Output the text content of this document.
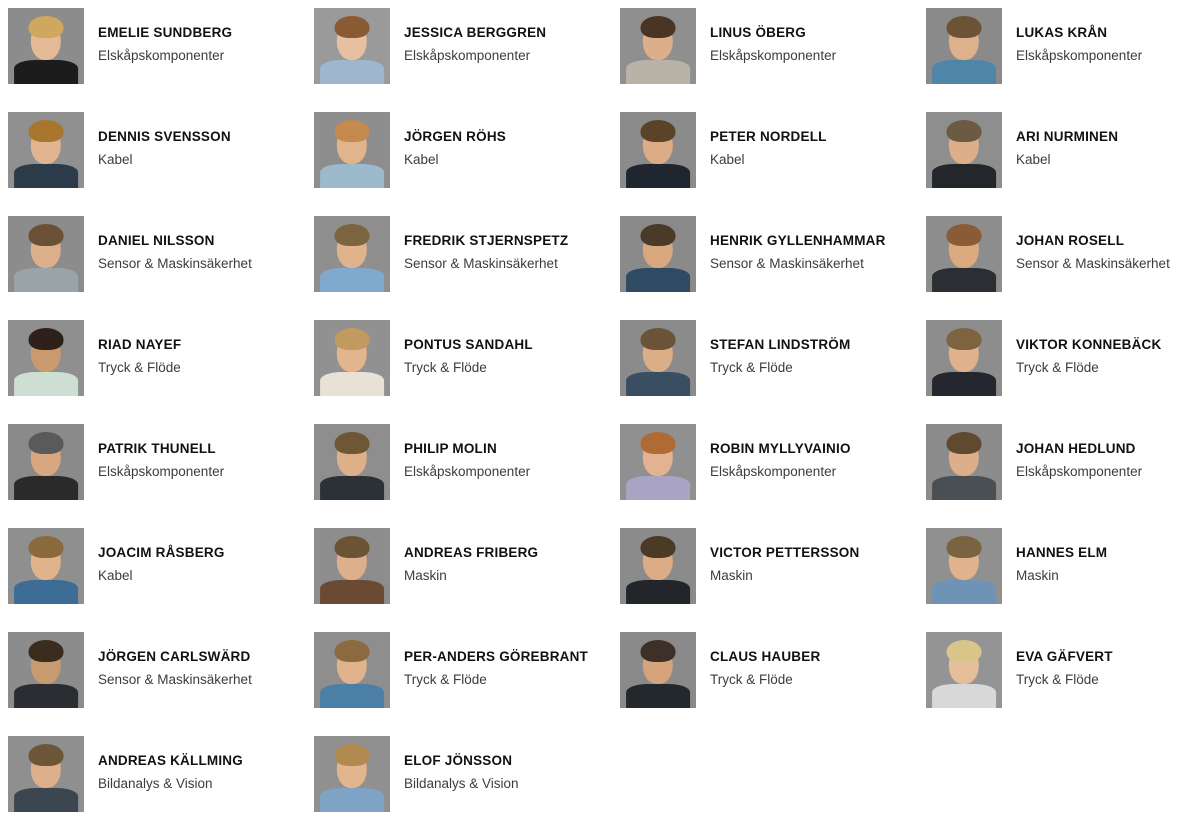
EMELIE SUNDBERG
Elskåpskomponenter
JESSICA BERGGREN
Elskåpskomponenter
LINUS ÖBERG
Elskåpskomponenter
LUKAS KRÅN
Elskåpskomponenter
DENNIS SVENSSON
Kabel
JÖRGEN RÖHS
Kabel
PETER NORDELL
Kabel
ARI NURMINEN
Kabel
DANIEL NILSSON
Sensor & Maskinsäkerhet
FREDRIK STJERNSPETZ
Sensor & Maskinsäkerhet
HENRIK GYLLENHAMMAR
Sensor & Maskinsäkerhet
JOHAN ROSELL
Sensor & Maskinsäkerhet
RIAD NAYEF
Tryck & Flöde
PONTUS SANDAHL
Tryck & Flöde
STEFAN LINDSTRÖM
Tryck & Flöde
VIKTOR KONNEBÄCK
Tryck & Flöde
PATRIK THUNELL
Elskåpskomponenter
PHILIP MOLIN
Elskåpskomponenter
ROBIN MYLLYVAINIO
Elskåpskomponenter
JOHAN HEDLUND
Elskåpskomponenter
JOACIM RÅSBERG
Kabel
ANDREAS FRIBERG
Maskin
VICTOR PETTERSSON
Maskin
HANNES ELM
Maskin
JÖRGEN CARLSWÄRD
Sensor & Maskinsäkerhet
PER-ANDERS GÖREBRANT
Tryck & Flöde
CLAUS HAUBER
Tryck & Flöde
EVA GÄFVERT
Tryck & Flöde
ANDREAS KÄLLMING
Bildanalys & Vision
ELOF JÖNSSON
Bildanalys & Vision
